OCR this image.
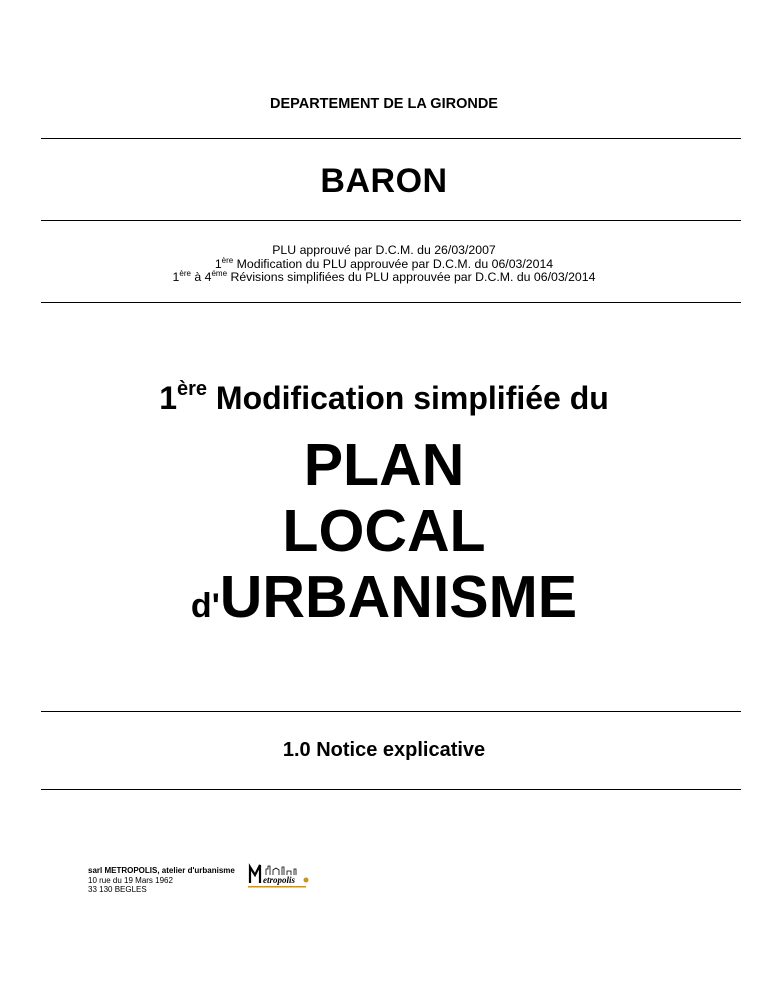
DEPARTEMENT DE LA GIRONDE
BARON
PLU approuvé par D.C.M. du 26/03/2007
1ère Modification du PLU approuvée par D.C.M. du 06/03/2014
1ère à $4^{éme}$ Révisions simplifiées du PLU approuvée par D.C.M. du 06/03/2014
1ère Modification simplifiée du
PLAN
LOCAL
d'URBANISME
1.0 Notice explicative
sarl METROPOLIS, atelier d'urbanisme
10 rue du 19 Mars 1962
33 130 BEGLES
etropolis
